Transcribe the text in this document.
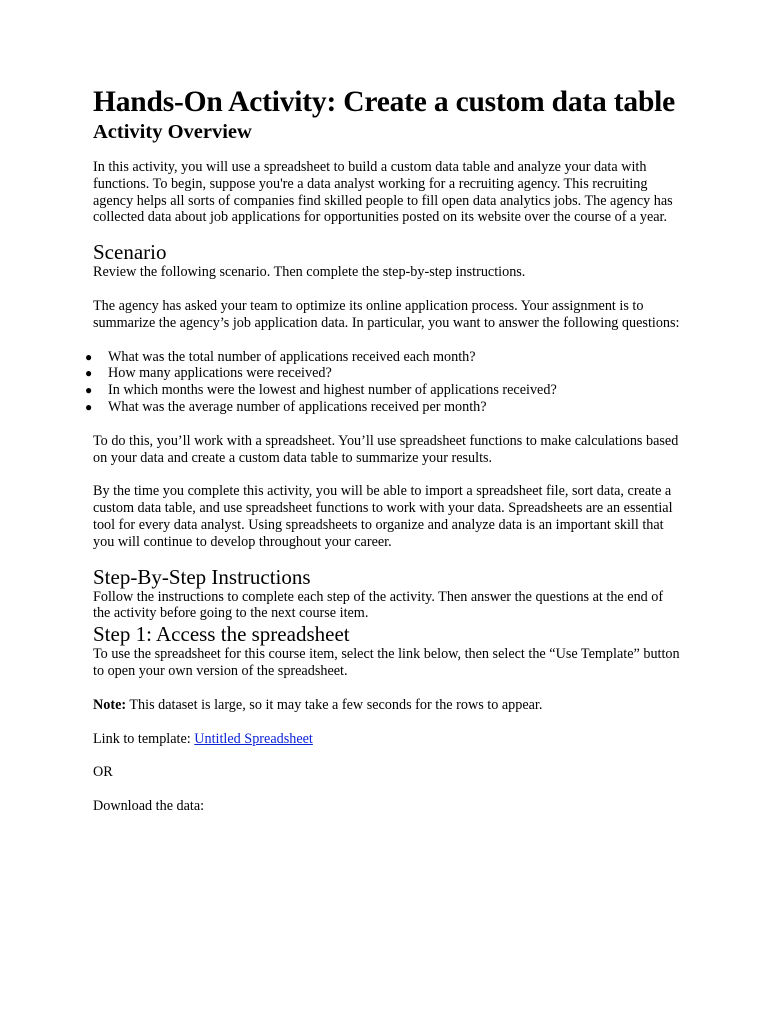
Hands-On Activity: Create a custom data table
Activity Overview

In this activity, you will use a spreadsheet to build a custom data table and analyze your data with functions. To begin, suppose you're a data analyst working for a recruiting agency. This recruiting agency helps all sorts of companies find skilled people to fill open data analytics jobs. The agency has collected data about job applications for opportunities posted on its website over the course of a year.

Scenario

Review the following scenario. Then complete the step-by-step instructions.

The agency has asked your team to optimize its online application process. Your assignment is to summarize the agency’s job application data. In particular, you want to answer the following questions:

● What was the total number of applications received each month?
● How many applications were received?
● In which months were the lowest and highest number of applications received?
● What was the average number of applications received per month?

To do this, you’ll work with a spreadsheet. You’ll use spreadsheet functions to make calculations based on your data and create a custom data table to summarize your results.

By the time you complete this activity, you will be able to import a spreadsheet file, sort data, create a custom data table, and use spreadsheet functions to work with your data. Spreadsheets are an essential tool for every data analyst. Using spreadsheets to organize and analyze data is an important skill that you will continue to develop throughout your career.

Step-By-Step Instructions

Follow the instructions to complete each step of the activity. Then answer the questions at the end of the activity before going to the next course item.

Step 1: Access the spreadsheet

To use the spreadsheet for this course item, select the link below, then select the “Use Template” button to open your own version of the spreadsheet.

Note: This dataset is large, so it may take a few seconds for the rows to appear.

Link to template: Untitled Spreadsheet

OR

Download the data:
